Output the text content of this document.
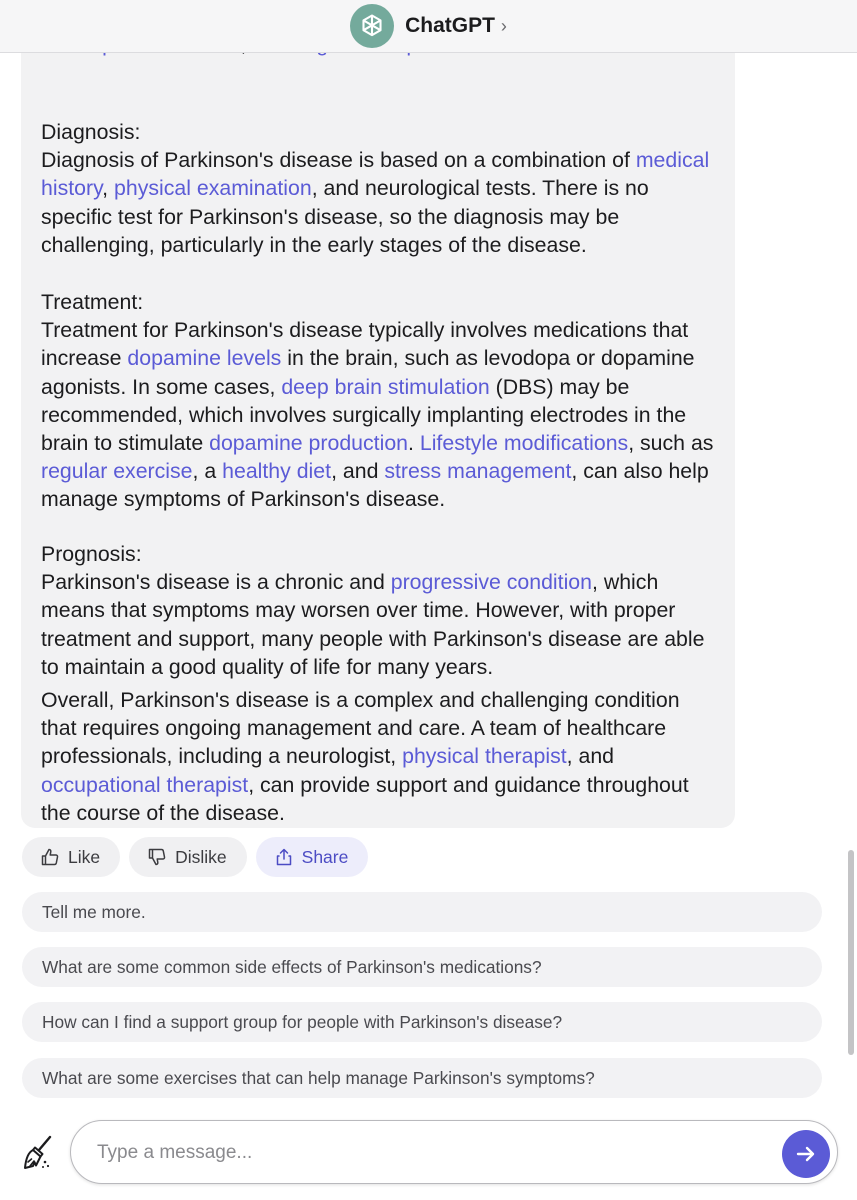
Diagnosis:

Diagnosis of Parkinson's disease is based on a combination of medical history, physical examination, and neurological tests. There is no specific test for Parkinson's disease, so the diagnosis may be challenging, particularly in the early stages of the disease.

Treatment:

Treatment for Parkinson's disease typically involves medications that increase dopamine levels in the brain, such as levodopa or dopamine agonists. In some cases, deep brain stimulation (DBS) may be recommended, which involves surgically implanting electrodes in the brain to stimulate dopamine production. Lifestyle modifications, such as regular exercise, a healthy diet, and stress management, can also help manage symptoms of Parkinson's disease.

Prognosis:

Parkinson's disease is a chronic and progressive condition, which means that symptoms may worsen over time. However, with proper treatment and support, many people with Parkinson's disease are able to maintain a good quality of life for many years.

Overall, Parkinson's disease is a complex and challenging condition that requires ongoing management and care. A team of healthcare professionals, including a neurologist, physical therapist, and occupational therapist, can provide support and guidance throughout the course of the disease.

ChatGPT ›
Like	Dislike	Share
Tell me more.
What are some common side effects of Parkinson's medications?
How can I find a support group for people with Parkinson's disease?
What are some exercises that can help manage Parkinson's symptoms?
Type a message...
